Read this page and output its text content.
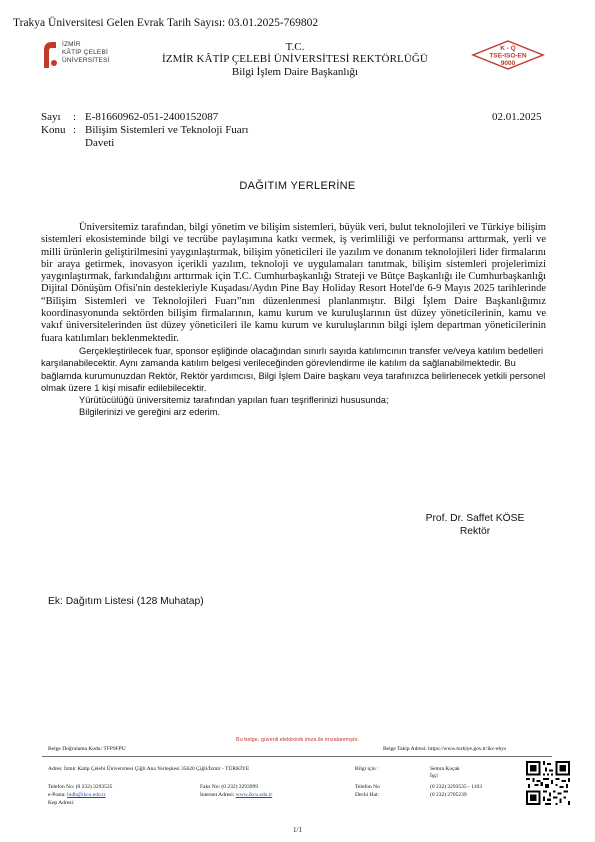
Trakya Üniversitesi Gelen Evrak Tarih Sayısı: 03.01.2025-769802
İZMİR
KÂTİP ÇELEBİ
ÜNİVERSİTESİ
T.C.
İZMİR KÂTİP ÇELEBİ ÜNİVERSİTESİ REKTÖRLÜĞÜ
Bilgi İşlem Daire Başkanlığı
K - Q
TSE-ISO-EN
9000
Sayı	: E-81660962-051-2400152087
Konu : Bilişim Sistemleri ve Teknoloji Fuarı Daveti
02.01.2025
DAĞITIM YERLERİNE

Üniversitemiz tarafından, bilgi yönetim ve bilişim sistemleri, büyük veri, bulut teknolojileri ve Türkiye bilişim sistemleri ekosisteminde bilgi ve tecrübe paylaşımına katkı vermek, iş verimliliği ve performansı arttırmak, yerli ve milli ürünlerin geliştirilmesini yaygınlaştırmak, bilişim yöneticileri ile yazılım ve donanım teknolojileri lider firmalarını bir araya getirmek, inovasyon içerikli yazılım, teknoloji ve uygulamaları tanıtmak, bilişim sistemleri projelerimizi yaygınlaştırmak, farkındalığını arttırmak için T.C. Cumhurbaşkanlığı Strateji ve Bütçe Başkanlığı ile Cumhurbaşkanlığı Dijital Dönüşüm Ofisi'nin destekleriyle Kuşadası/Aydın Pine Bay Holiday Resort Hotel'de 6-9 Mayıs 2025 tarihlerinde “Bilişim Sistemleri ve Teknolojileri Fuarı”nın düzenlenmesi planlanmıştır. Bilgi İşlem Daire Başkanlığımız koordinasyonunda sektörden bilişim firmalarının, kamu kurum ve kuruluşlarının üst düzey yöneticilerinin, kamu ve vakıf üniversitelerinden üst düzey yöneticileri ile kamu kurum ve kuruluşlarının bilgi işlem departman yöneticilerinin fuara katılımları beklenmektedir.

Gerçekleştirilecek fuar, sponsor eşliğinde olacağından sınırlı sayıda katılımcının transfer ve/veya katılım bedelleri karşılanabilecektir. Aynı zamanda katılım belgesi verileceğinden görevlendirme ile katılım da sağlanabilmektedir. Bu bağlamda kurumunuzdan Rektör, Rektör yardımcısı, Bilgi İşlem Daire başkanı veya tarafınızca belirlenecek yetkili personel olmak üzere 1 kişi misafir edilebilecektir.

Yürütücülüğü üniversitemiz tarafından yapılan fuarı teşriflerinizi hususunda;

Bilgilerinizi ve gereğini arz ederim.

Prof. Dr. Saffet KÖSE
Rektör
Ek: Dağıtım Listesi (128 Muhatap)
Bu belge, güvenli elektronik imza ile imzalanmıştır.
Belge Doğrulama Kodu: TFP9FPU	Belge Takip Adresi: https://www.turkiye.gov.tr/ikc-ebys
Adres: İzmir Katip Çelebi Üniversitesi Çiğli Ana Yerleşkesi 35620 Çiğli/İzmir - TÜRKİYE
Telefon No: (0 232) 3293535
e-Posta: bidb@ikcu.edu.tr
Kep Adresi:
Faks No: (0 232) 3293999
İnternet Adresi: www.ikcu.edu.tr
Bilgi için :	Semra Koçak
İşçi
Telefon No	(0 232) 3293535 - 1103
Dechi Hat:	(0 232) 2705239
1/1
